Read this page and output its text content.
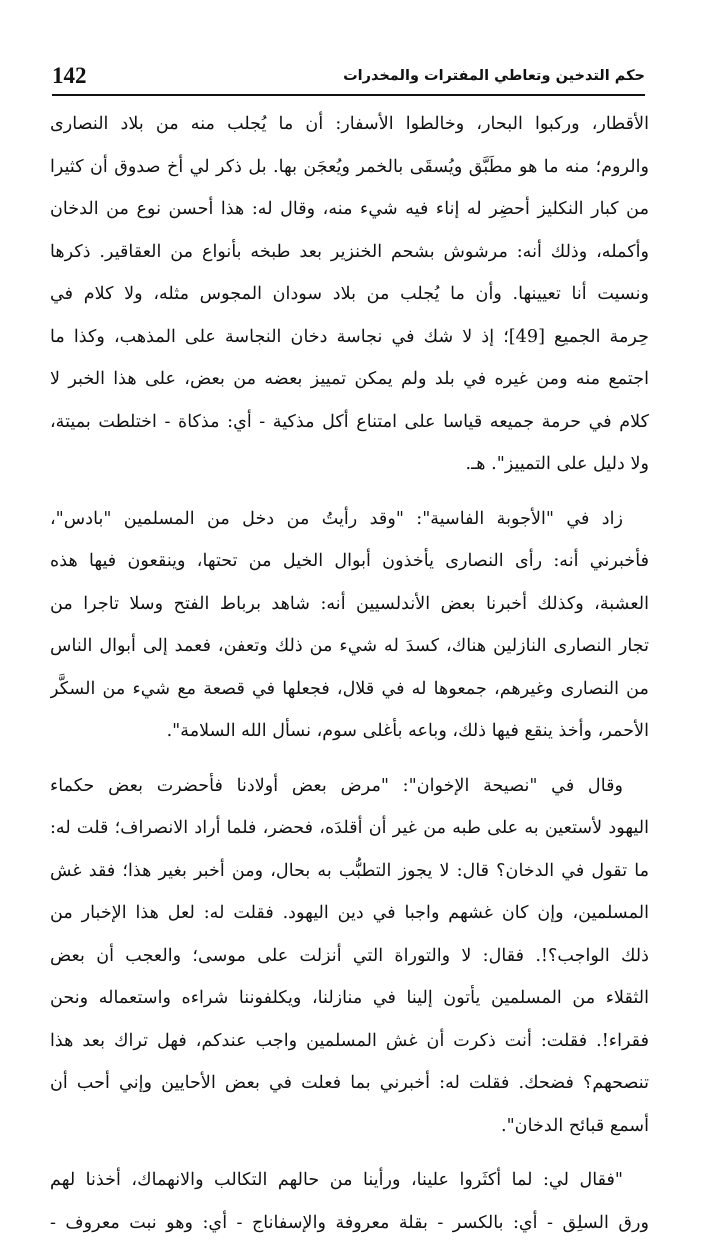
142	حكم التدخين وتعاطي المفترات والمخدرات
الأقطار، وركبوا البحار، وخالطوا الأسفار: أن ما يُجلب منه من بلاد النصارى
والروم؛ منه ما هو مطَبَّق ويُسقَى بالخمر ويُعجَن بها. بل ذكر لي أخ صدوق أن كثيرا
من كبار النكليز أحضِر له إناء فيه شيء منه، وقال له: هذا أحسن نوع من الدخان
وأكمله، وذلك أنه: مرشوش بشحم الخنزير بعد طبخه بأنواع من العقاقير. ذكرها
ونسيت أنا تعيينها. وأن ما يُجلب من بلاد سودان المجوس مثله، ولا كلام في
حِرمة الجميع [49]؛ إذ لا شك في نجاسة دخان النجاسة على المذهب، وكذا ما
اجتمع منه ومن غيره في بلد ولم يمكن تمييز بعضه من بعض، على هذا الخبر لا
كلام في حرمة جميعه قياسا على امتناع أكل مذكية - أي: مذكاة - اختلطت بميتة،
ولا دليل على التمييز". هـ.
زاد في "الأجوبة الفاسية": "وقد رأيتُ من دخل من المسلمين "بادس"،
فأخبرني أنه: رأى النصارى يأخذون أبوال الخيل من تحتها، وينقعون فيها هذه
العشبة، وكذلك أخبرنا بعض الأندلسيين أنه: شاهد برباط الفتح وسلا تاجرا من
تجار النصارى النازلين هناك، كسدَ له شيء من ذلك وتعفن، فعمد إلى أبوال الناس
من النصارى وغيرهم، جمعوها له في قلال، فجعلها في قصعة مع شيء من السكَّر
الأحمر، وأخذ ينقع فيها ذلك، وباعه بأغلى سوم، نسأل الله السلامة".
وقال في "نصيحة الإخوان": "مرض بعض أولادنا فأحضرت بعض حكماء
اليهود لأستعين به على طبه من غير أن أقلدَه، فحضر، فلما أراد الانصراف؛ قلت له:
ما تقول في الدخان؟ قال: لا يجوز التطبُّب به بحال، ومن أخبر بغير هذا؛ فقد غش
المسلمين، وإن كان غشهم واجبا في دين اليهود. فقلت له: لعل هذا الإخبار من
ذلك الواجب؟!. فقال: لا والتوراة التي أنزلت على موسى؛ والعجب أن بعض
الثقلاء من المسلمين يأتون إلينا في منازلنا، ويكلفوننا شراءه واستعماله ونحن
فقراء!. فقلت: أنت ذكرت أن غش المسلمين واجب عندكم، فهل تراك بعد هذا
تنصحهم؟ فضحك. فقلت له: أخبرني بما فعلت في بعض الأحايين وإني أحب أن
أسمع قبائح الدخان".
"فقال لي: لما أكثَروا علينا، ورأينا من حالهم التكالب والانهماك، أخذنا لهم
ورق السلِق - أي: بالكسر - بقلة معروفة والإسفاناج - أي: وهو نبت معروف -
